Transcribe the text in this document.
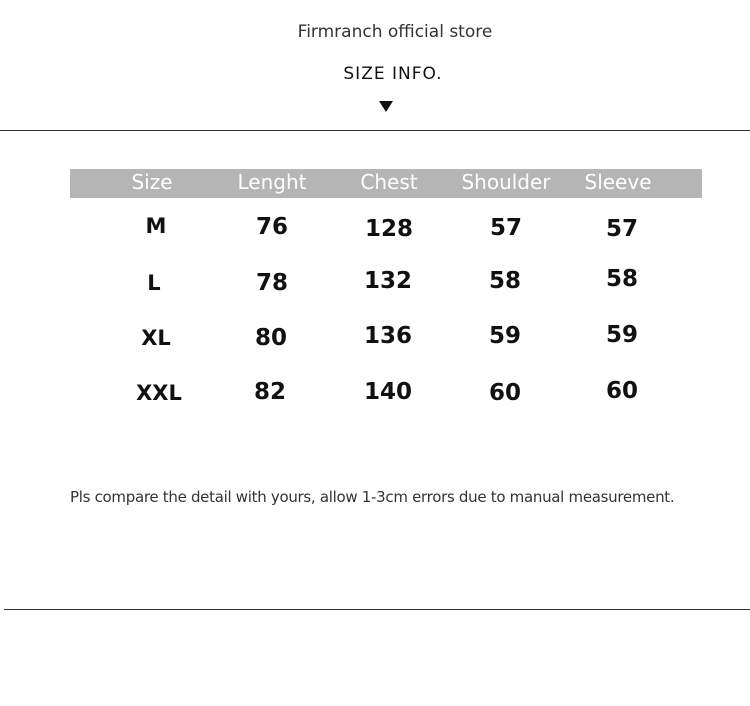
Firmranch official store
SIZE INFO.
Size	Lenght	Chest Shoulder Sleeve
M	76	128	57	57
L	78	132	58	58
XL	80	136	59	59
XXL	82	140	60	60
Pls compare the detail with yours, allow 1-3cm errors due to manual measurement.
